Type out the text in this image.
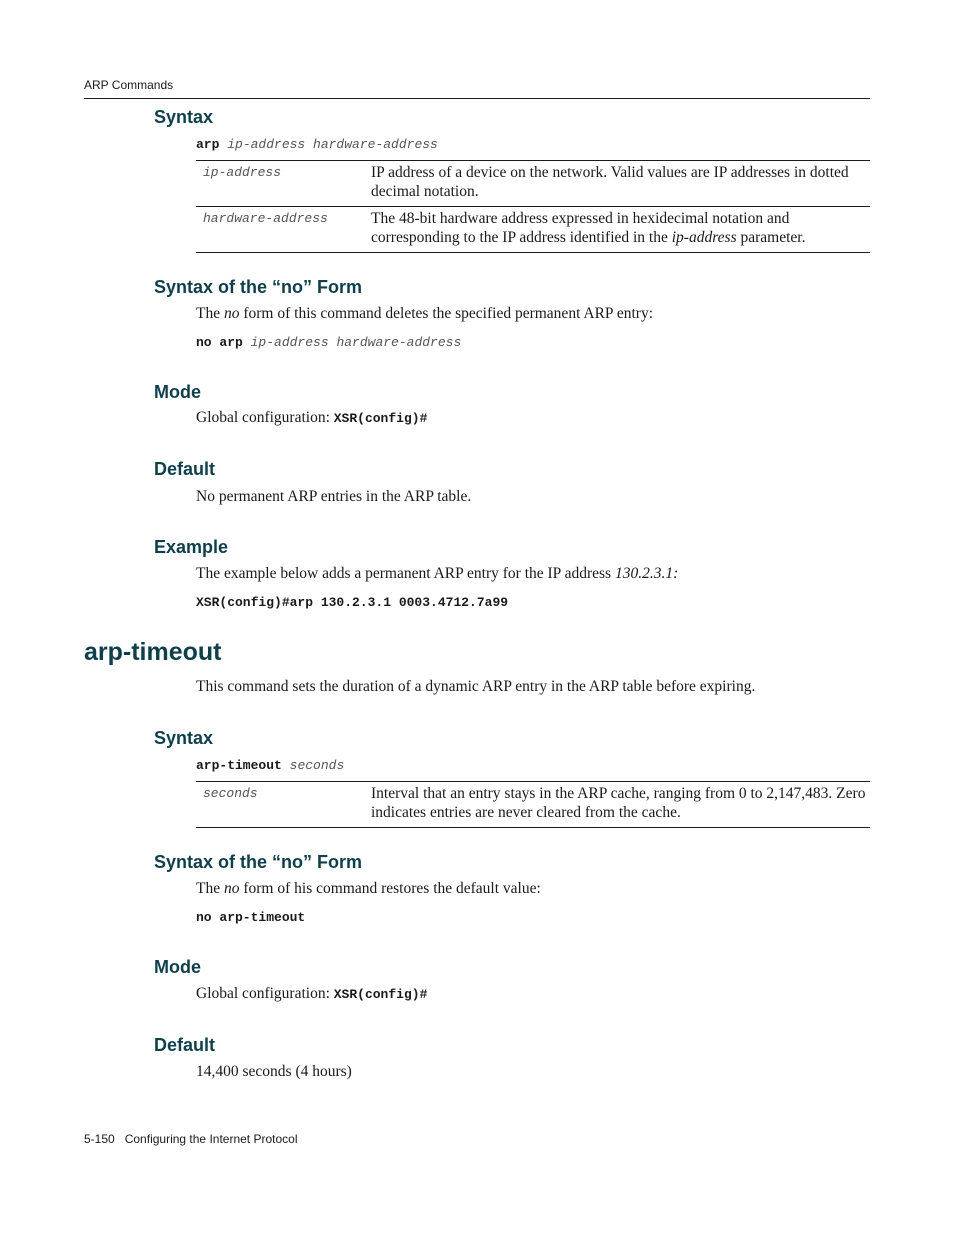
ARP Commands
Syntax
arp ip-address hardware-address
ip-address	IP address of a device on the network. Valid values are IP addresses in dotted decimal notation.
hardware-address	The 48-bit hardware address expressed in hexidecimal notation and corresponding to the IP address identified in the ip-address parameter.
Syntax of the “no” Form
The no form of this command deletes the specified permanent ARP entry:
no arp ip-address hardware-address
Mode
Global configuration: XSR(config)#
Default
No permanent ARP entries in the ARP table.
Example
The example below adds a permanent ARP entry for the IP address 130.2.3.1:
XSR(config)#arp 130.2.3.1 0003.4712.7a99
arp-timeout
This command sets the duration of a dynamic ARP entry in the ARP table before expiring.
Syntax
arp-timeout seconds
seconds	Interval that an entry stays in the ARP cache, ranging from 0 to 2,147,483. Zero indicates entries are never cleared from the cache.
Syntax of the “no” Form
The no form of his command restores the default value:
no arp-timeout
Mode
Global configuration: XSR(config)#
Default
14,400 seconds (4 hours)
5-150 Configuring the Internet Protocol
